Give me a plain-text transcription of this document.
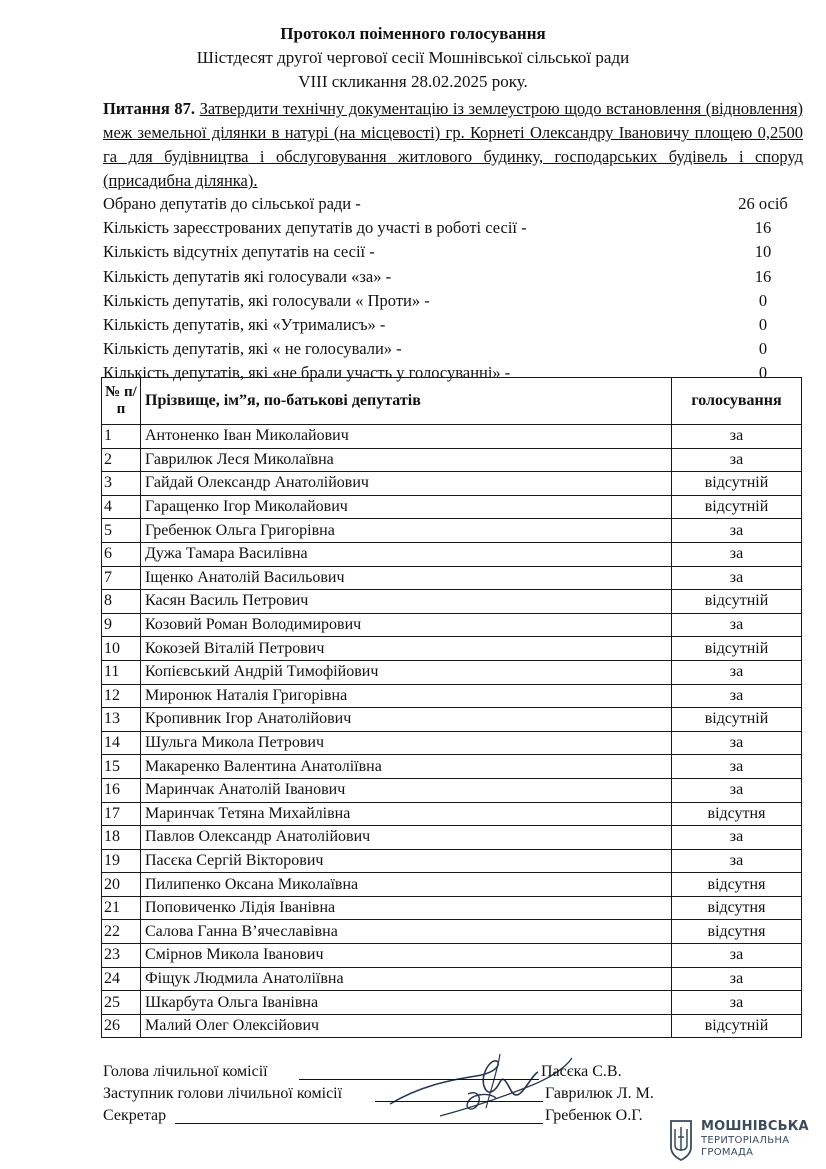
Протокол поіменного голосування
Шістдесят другої чергової сесії Мошнівської сільської ради
VIII скликання 28.02.2025 року.
Питання 87. Затвердити технічну документацію із землеустрою щодо встановлення (відновлення) меж земельної ділянки в натурі (на місцевості) гр. Корнеті Олександру Івановичу площею 0,2500 га для будівництва і обслуговування житлового будинку, господарських будівель і споруд (присадибна ділянка).
Обрано депутатів до сільської ради -	26 осіб
Кількість зареєстрованих депутатів до участі в роботі сесії -	16
Кількість відсутніх депутатів на сесії -	10
Кількість депутатів які голосували «за» -	16
Кількість депутатів, які голосували « Проти» -	0
Кількість депутатів, які «Утрималисъ» -	0
Кількість депутатів, які « не голосували» -	0
Кількість депутатів, які «не брали участь у голосуванні» -	0
№ п/п	Прізвище, ім”я, по-батькові депутатів	голосування
1	Антоненко Іван Миколайович	за
2	Гаврилюк Леся Миколаївна	за
3	Гайдай Олександр Анатолійович	відсутній
4	Гаращенко Ігор Миколайович	відсутній
5	Гребенюк Ольга Григорівна	за
6	Дужа Тамара Василівна	за
7	Іщенко Анатолій Васильович	за
8	Касян Василь Петрович	відсутній
9	Козовий Роман Володимирович	за
10	Кокозей Віталій Петрович	відсутній
11	Копієвський Андрій Тимофійович	за
12	Миронюк Наталія Григорівна	за
13	Кропивник Ігор Анатолійович	відсутній
14	Шульга Микола Петрович	за
15	Макаренко Валентина Анатоліївна	за
16	Маринчак Анатолій Іванович	за
17	Маринчак Тетяна Михайлівна	відсутня
18	Павлов Олександр Анатолійович	за
19	Пасєка Сергій Вікторович	за
20	Пилипенко Оксана Миколаївна	відсутня
21	Поповиченко Лідія Іванівна	відсутня
22	Салова Ганна В’ячеславівна	відсутня
23	Смірнов Микола Іванович	за
24	Фіщук Людмила Анатоліївна	за
25	Шкарбута Ольга Іванівна	за
26	Малий Олег Олексійович	відсутній
Голова лічильної комісії	Пасєка С.В.
Заступник голови лічильної комісії	Гаврилюк Л. М.
Секретар	Гребенюк О.Г.
МОШНІВСЬКА
ТЕРИТОРІАЛЬНА
ГРОМАДА
